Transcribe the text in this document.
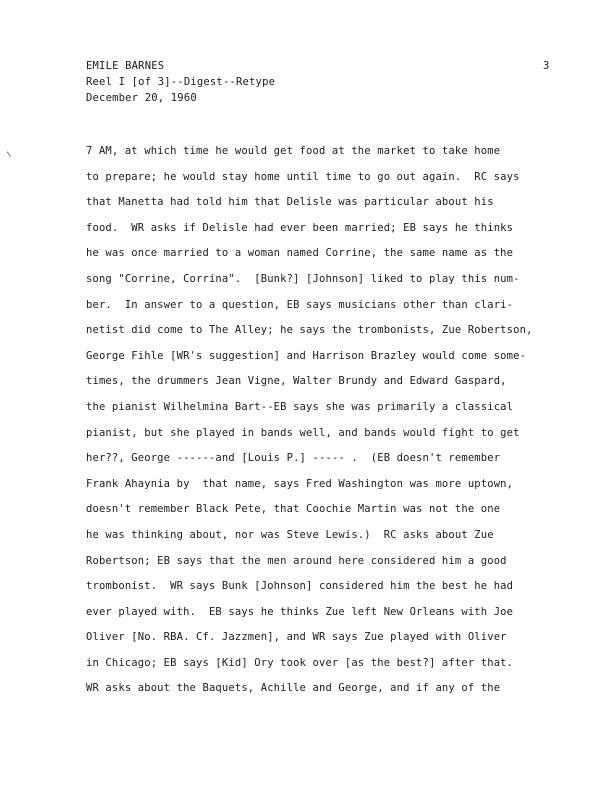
EMILE BARNES
Reel I [of 3]--Digest--Retype
December 20, 1960
3
7 AM, at which time he would get food at the market to take home
to prepare; he would stay home until time to go out again.  RC says
that Manetta had told him that Delisle was particular about his
food.  WR asks if Delisle had ever been married; EB says he thinks
he was once married to a woman named Corrine, the same name as the
song "Corrine, Corrina".  [Bunk?] [Johnson] liked to play this num-
ber.  In answer to a question, EB says musicians other than clari-
netist did come to The Alley; he says the trombonists, Zue Robertson,
George Fihle [WR's suggestion] and Harrison Brazley would come some-
times, the drummers Jean Vigne, Walter Brundy and Edward Gaspard,
the pianist Wilhelmina Bart--EB says she was primarily a classical
pianist, but she played in bands well, and bands would fight to get
her??, George ------and [Louis P.] ----- .  (EB doesn't remember
Frank Ahaynia by  that name, says Fred Washington was more uptown,
doesn't remember Black Pete, that Coochie Martin was not the one
he was thinking about, nor was Steve Lewis.)  RC asks about Zue
Robertson; EB says that the men around here considered him a good
trombonist.  WR says Bunk [Johnson] considered him the best he had
ever played with.  EB says he thinks Zue left New Orleans with Joe
Oliver [No. RBA. Cf. Jazzmen], and WR says Zue played with Oliver
in Chicago; EB says [Kid] Ory took over [as the best?] after that.
WR asks about the Baquets, Achille and George, and if any of the
